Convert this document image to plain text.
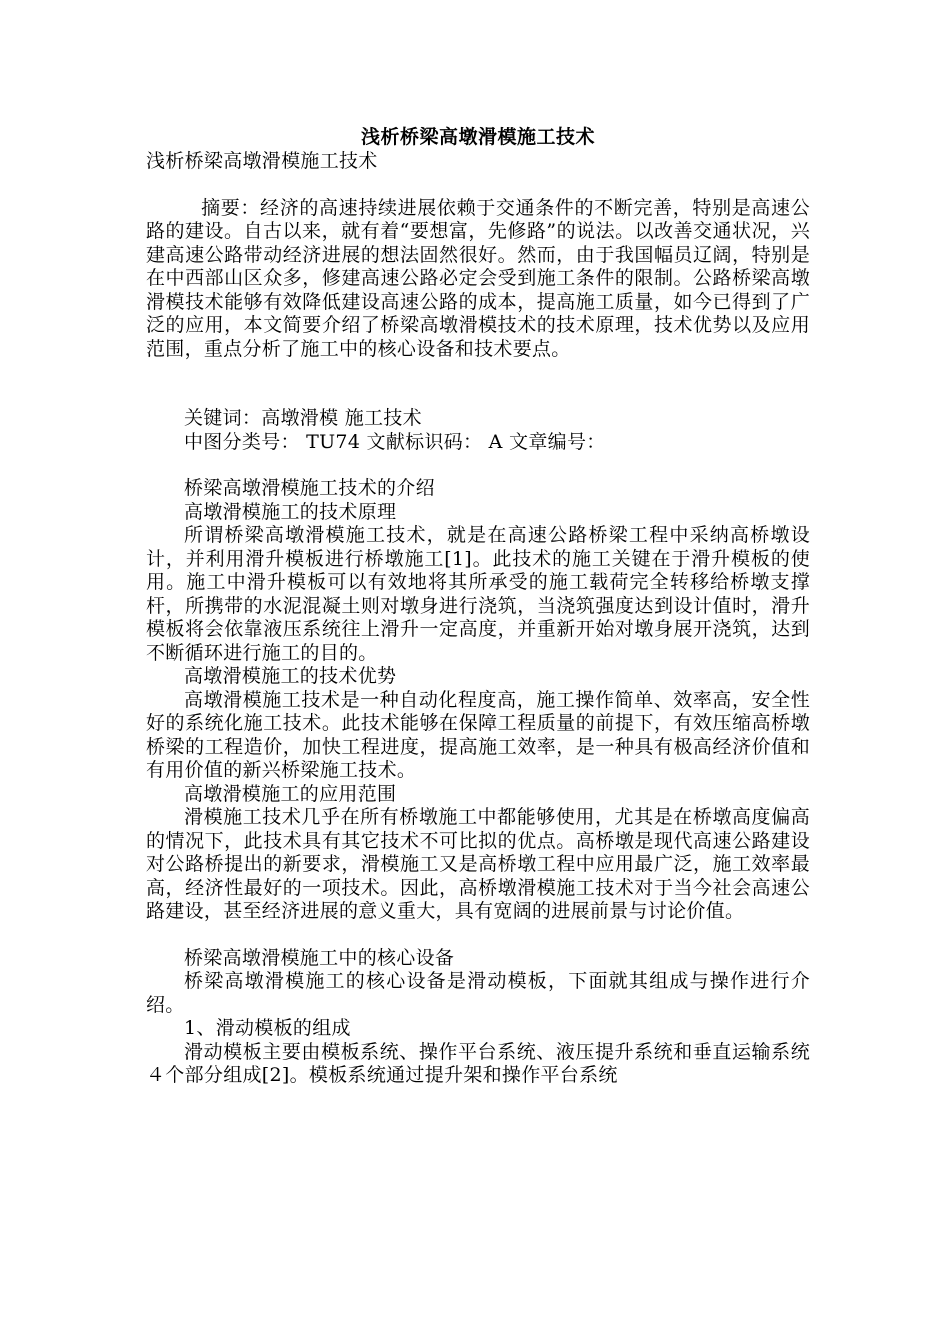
浅析桥梁高墩滑模施工技术

浅析桥梁高墩滑模施工技术

摘要：经济的高速持续进展依赖于交通条件的不断完善，特别是高速公路的建设。自古以来，就有着“要想富，先修路”的说法。以改善交通状况，兴建高速公路带动经济进展的想法固然很好。然而，由于我国幅员辽阔，特别是在中西部山区众多，修建高速公路必定会受到施工条件的限制。公路桥梁高墩滑模技术能够有效降低建设高速公路的成本，提高施工质量，如今已得到了广泛的应用，本文简要介绍了桥梁高墩滑模技术的技术原理，技术优势以及应用范围，重点分析了施工中的核心设备和技术要点。

关键词：高墩滑模 施工技术

中图分类号： TU74 文献标识码： A 文章编号：

桥梁高墩滑模施工技术的介绍

高墩滑模施工的技术原理

所谓桥梁高墩滑模施工技术，就是在高速公路桥梁工程中采纳高桥墩设计，并利用滑升模板进行桥墩施工[1]。此技术的施工关键在于滑升模板的使用。施工中滑升模板可以有效地将其所承受的施工载荷完全转移给桥墩支撑杆，所携带的水泥混凝土则对墩身进行浇筑，当浇筑强度达到设计值时，滑升模板将会依靠液压系统往上滑升一定高度，并重新开始对墩身展开浇筑，达到不断循环进行施工的目的。

高墩滑模施工的技术优势

高墩滑模施工技术是一种自动化程度高，施工操作简单、效率高，安全性好的系统化施工技术。此技术能够在保障工程质量的前提下，有效压缩高桥墩桥梁的工程造价，加快工程进度，提高施工效率，是一种具有极高经济价值和有用价值的新兴桥梁施工技术。

高墩滑模施工的应用范围

滑模施工技术几乎在所有桥墩施工中都能够使用，尤其是在桥墩高度偏高的情况下，此技术具有其它技术不可比拟的优点。高桥墩是现代高速公路建设对公路桥提出的新要求，滑模施工又是高桥墩工程中应用最广泛，施工效率最高，经济性最好的一项技术。因此，高桥墩滑模施工技术对于当今社会高速公路建设，甚至经济进展的意义重大，具有宽阔的进展前景与讨论价值。

桥梁高墩滑模施工中的核心设备

桥梁高墩滑模施工的核心设备是滑动模板，下面就其组成与操作进行介绍。

1、滑动模板的组成

滑动模板主要由模板系统、操作平台系统、液压提升系统和垂直运输系统４个部分组成[2]。模板系统通过提升架和操作平台系统
